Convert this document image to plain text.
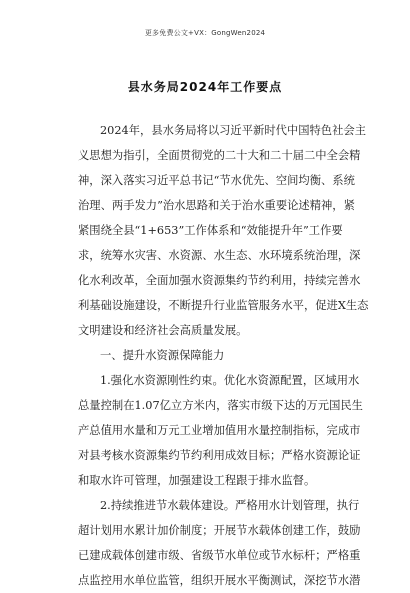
更多免费公文+VX：GongWen2024
县水务局2024年工作要点
2024年，县水务局将以习近平新时代中国特色社会主
义思想为指引，全面贯彻党的二十大和二十届二中全会精
神，深入落实习近平总书记“节水优先、空间均衡、系统
治理、两手发力”治水思路和关于治水重要论述精神，紧
紧围绕全县“1+653”工作体系和“效能提升年”工作要
求，统筹水灾害、水资源、水生态、水环境系统治理，深
化水利改革，全面加强水资源集约节约利用，持续完善水
利基础设施建设，不断提升行业监管服务水平，促进X生态
文明建设和经济社会高质量发展。
一、提升水资源保障能力
1.强化水资源刚性约束。优化水资源配置，区域用水
总量控制在1.07亿立方米内，落实市级下达的万元国民生
产总值用水量和万元工业增加值用水量控制指标，完成市
对县考核水资源集约节约利用成效目标；严格水资源论证
和取水许可管理，加强建设工程跟于排水监督。
2.持续推进节水载体建设。严格用水计划管理，执行
超计划用水累计加价制度；开展节水载体创建工作，鼓励
已建成载体创建市级、省级节水单位或节水标杆；严格重
点监控用水单位监管，组织开展水平衡测试，深挖节水潜
